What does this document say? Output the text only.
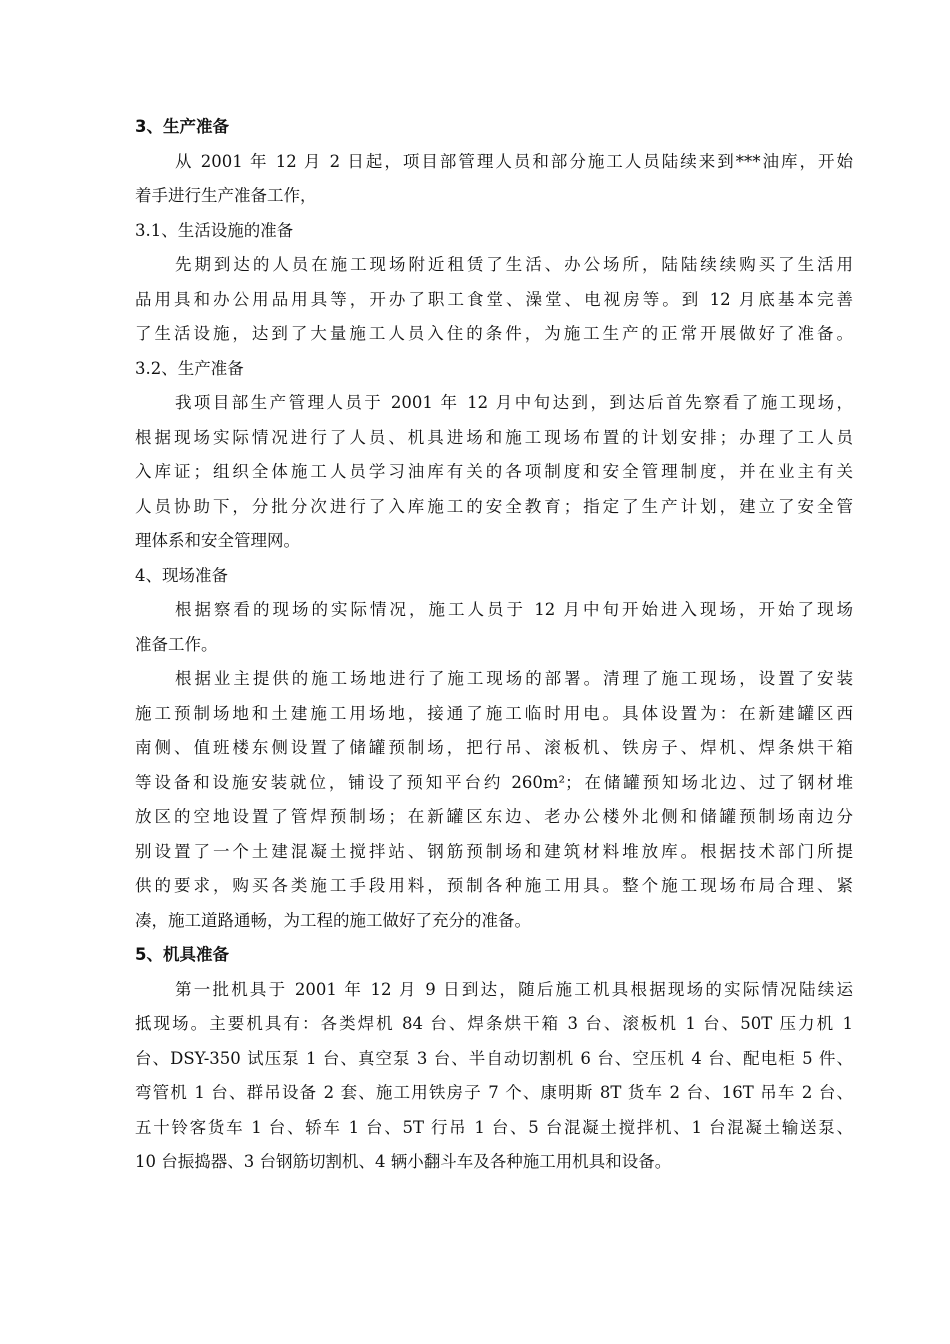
3、生产准备
从 2001 年 12 月 2 日起，项目部管理人员和部分施工人员陆续来到***油库，开始
着手进行生产准备工作，
3.1、生活设施的准备
先期到达的人员在施工现场附近租赁了生活、办公场所，陆陆续续购买了生活用
品用具和办公用品用具等，开办了职工食堂、澡堂、电视房等。到 12 月底基本完善
了生活设施，达到了大量施工人员入住的条件，为施工生产的正常开展做好了准备。
3.2、生产准备
我项目部生产管理人员于 2001 年 12 月中旬达到，到达后首先察看了施工现场，
根据现场实际情况进行了人员、机具进场和施工现场布置的计划安排；办理了工人员
入库证；组织全体施工人员学习油库有关的各项制度和安全管理制度，并在业主有关
人员协助下，分批分次进行了入库施工的安全教育；指定了生产计划，建立了安全管
理体系和安全管理网。
4、现场准备
根据察看的现场的实际情况，施工人员于 12 月中旬开始进入现场，开始了现场
准备工作。
根据业主提供的施工场地进行了施工现场的部署。清理了施工现场，设置了安装
施工预制场地和土建施工用场地，接通了施工临时用电。具体设置为：在新建罐区西
南侧、值班楼东侧设置了储罐预制场，把行吊、滚板机、铁房子、焊机、焊条烘干箱
等设备和设施安装就位，铺设了预知平台约 260m²；在储罐预知场北边、过了钢材堆
放区的空地设置了管焊预制场；在新罐区东边、老办公楼外北侧和储罐预制场南边分
别设置了一个土建混凝土搅拌站、钢筋预制场和建筑材料堆放库。根据技术部门所提
供的要求，购买各类施工手段用料，预制各种施工用具。整个施工现场布局合理、紧
凑，施工道路通畅，为工程的施工做好了充分的准备。
5、机具准备
第一批机具于 2001 年 12 月 9 日到达，随后施工机具根据现场的实际情况陆续运
抵现场。主要机具有：各类焊机 84 台、焊条烘干箱 3 台、滚板机 1 台、50T 压力机 1
台、DSY-350 试压泵 1 台、真空泵 3 台、半自动切割机 6 台、空压机 4 台、配电柜 5 件、
弯管机 1 台、群吊设备 2 套、施工用铁房子 7 个、康明斯 8T 货车 2 台、16T 吊车 2 台、
五十铃客货车 1 台、轿车 1 台、5T 行吊 1 台、5 台混凝土搅拌机、1 台混凝土输送泵、
10 台振捣器、3 台钢筋切割机、4 辆小翻斗车及各种施工用机具和设备。
